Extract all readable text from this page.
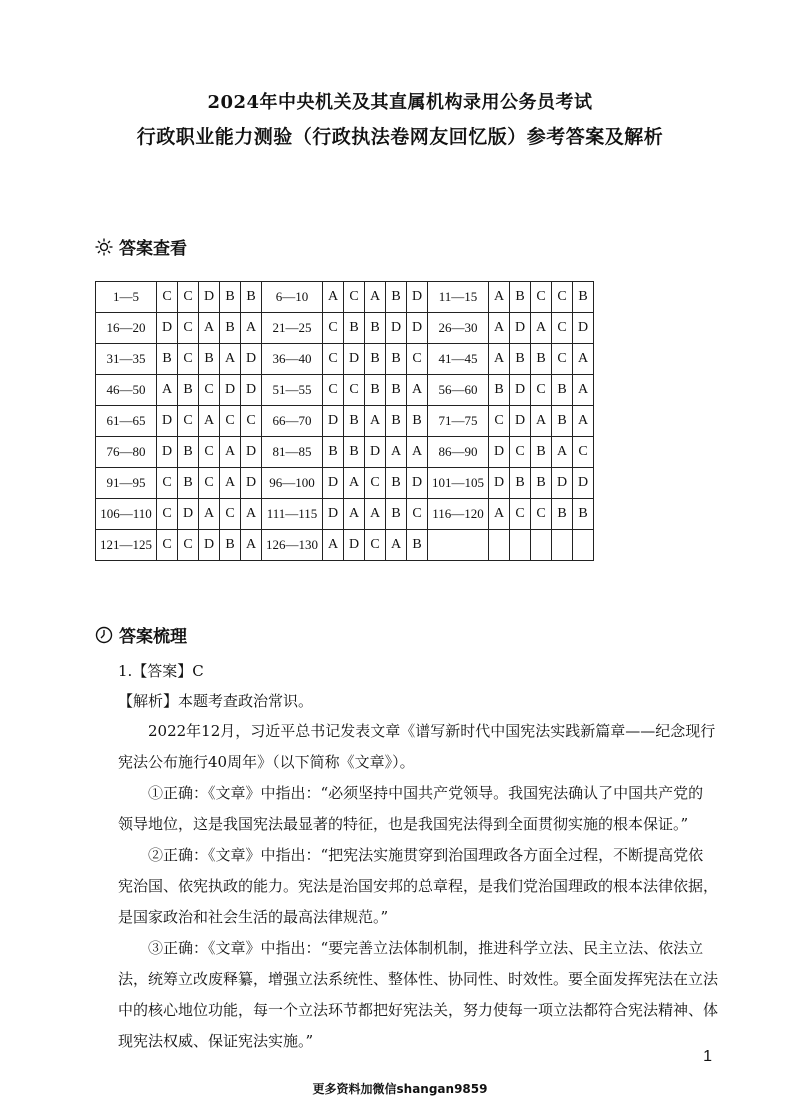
2024年中央机关及其直属机构录用公务员考试
行政职业能力测验（行政执法卷网友回忆版）参考答案及解析
答案查看
1—5	C	C	D	B	B	6—10	A	C	A	B	D	11—15	A	B	C	C	B
16—20	D	C	A	B	A	21—25	C	B	B	D	D	26—30	A	D	A	C	D
31—35	B	C	B	A	D	36—40	C	D	B	B	C	41—45	A	B	B	C	A
46—50	A	B	C	D	D	51—55	C	C	B	B	A	56—60	B	D	C	B	A
61—65	D	C	A	C	C	66—70	D	B	A	B	B	71—75	C	D	A	B	A
76—80	D	B	C	A	D	81—85	B	B	D	A	A	86—90	D	C	B	A	C
91—95	C	B	C	A	D	96—100	D	A	C	B	D	101—105	D	B	B	D	D
106—110	C	D	A	C	A	111—115	D	A	A	B	C	116—120	A	C	C	B	B
121—125	C	C	D	B	A	126—130	A	D	C	A	B						
答案梳理
1.【答案】C
【解析】本题考查政治常识。
2022年12月，习近平总书记发表文章《谱写新时代中国宪法实践新篇章——纪念现行宪法公布施行40周年》（以下简称《文章》）。
①正确：《文章》中指出：“必须坚持中国共产党领导。我国宪法确认了中国共产党的领导地位，这是我国宪法最显著的特征，也是我国宪法得到全面贯彻实施的根本保证。”
②正确：《文章》中指出：“把宪法实施贯穿到治国理政各方面全过程，不断提高党依宪治国、依宪执政的能力。宪法是治国安邦的总章程，是我们党治国理政的根本法律依据，是国家政治和社会生活的最高法律规范。”
③正确：《文章》中指出：“要完善立法体制机制，推进科学立法、民主立法、依法立法，统筹立改废释纂，增强立法系统性、整体性、协同性、时效性。要全面发挥宪法在立法中的核心地位功能，每一个立法环节都把好宪法关，努力使每一项立法都符合宪法精神、体现宪法权威、保证宪法实施。”
1
更多资料加微信shangan9859
